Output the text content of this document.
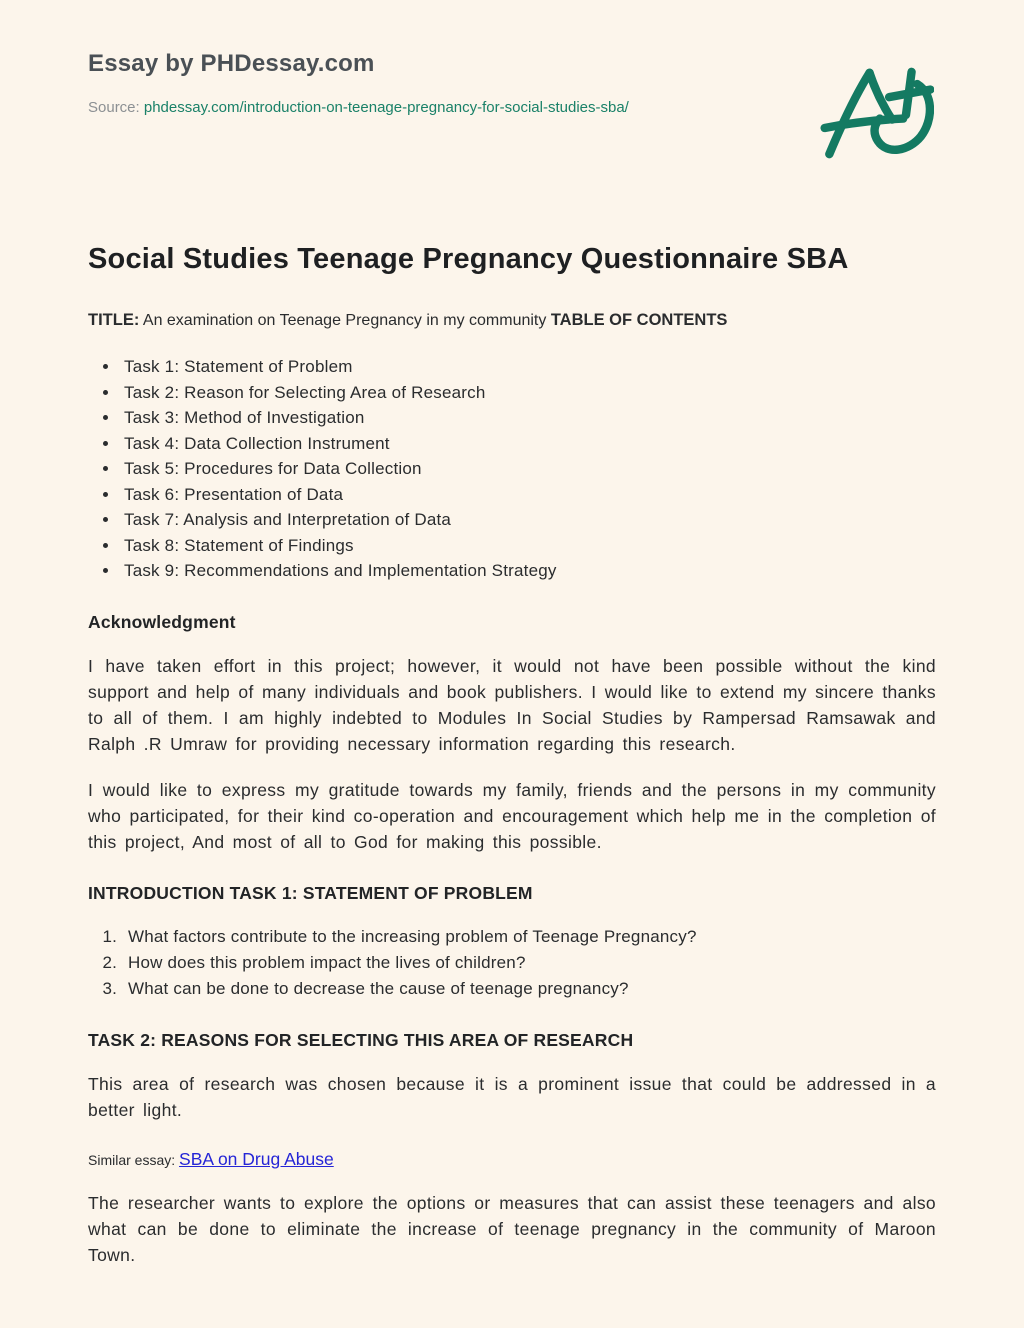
Essay by PHDessay.com
Source: phdessay.com/introduction-on-teenage-pregnancy-for-social-studies-sba/
Social Studies Teenage Pregnancy Questionnaire SBA
TITLE: An examination on Teenage Pregnancy in my community TABLE OF CONTENTS
• Task 1: Statement of Problem
• Task 2: Reason for Selecting Area of Research
• Task 3: Method of Investigation
• Task 4: Data Collection Instrument
• Task 5: Procedures for Data Collection
• Task 6: Presentation of Data
• Task 7: Analysis and Interpretation of Data
• Task 8: Statement of Findings
• Task 9: Recommendations and Implementation Strategy
Acknowledgment

I have taken effort in this project; however, it would not have been possible without the kind support and help of many individuals and book publishers. I would like to extend my sincere thanks to all of them. I am highly indebted to Modules In Social Studies by Rampersad Ramsawak and Ralph .R Umraw for providing necessary information regarding this research.

I would like to express my gratitude towards my family, friends and the persons in my community who participated, for their kind co-operation and encouragement which help me in the completion of this project, And most of all to God for making this possible.

INTRODUCTION TASK 1: STATEMENT OF PROBLEM
1. What factors contribute to the increasing problem of Teenage Pregnancy?
2. How does this problem impact the lives of children?
3. What can be done to decrease the cause of teenage pregnancy?
TASK 2: REASONS FOR SELECTING THIS AREA OF RESEARCH

This area of research was chosen because it is a prominent issue that could be addressed in a better light.

Similar essay: SBA on Drug Abuse

The researcher wants to explore the options or measures that can assist these teenagers and also what can be done to eliminate the increase of teenage pregnancy in the community of Maroon Town.
